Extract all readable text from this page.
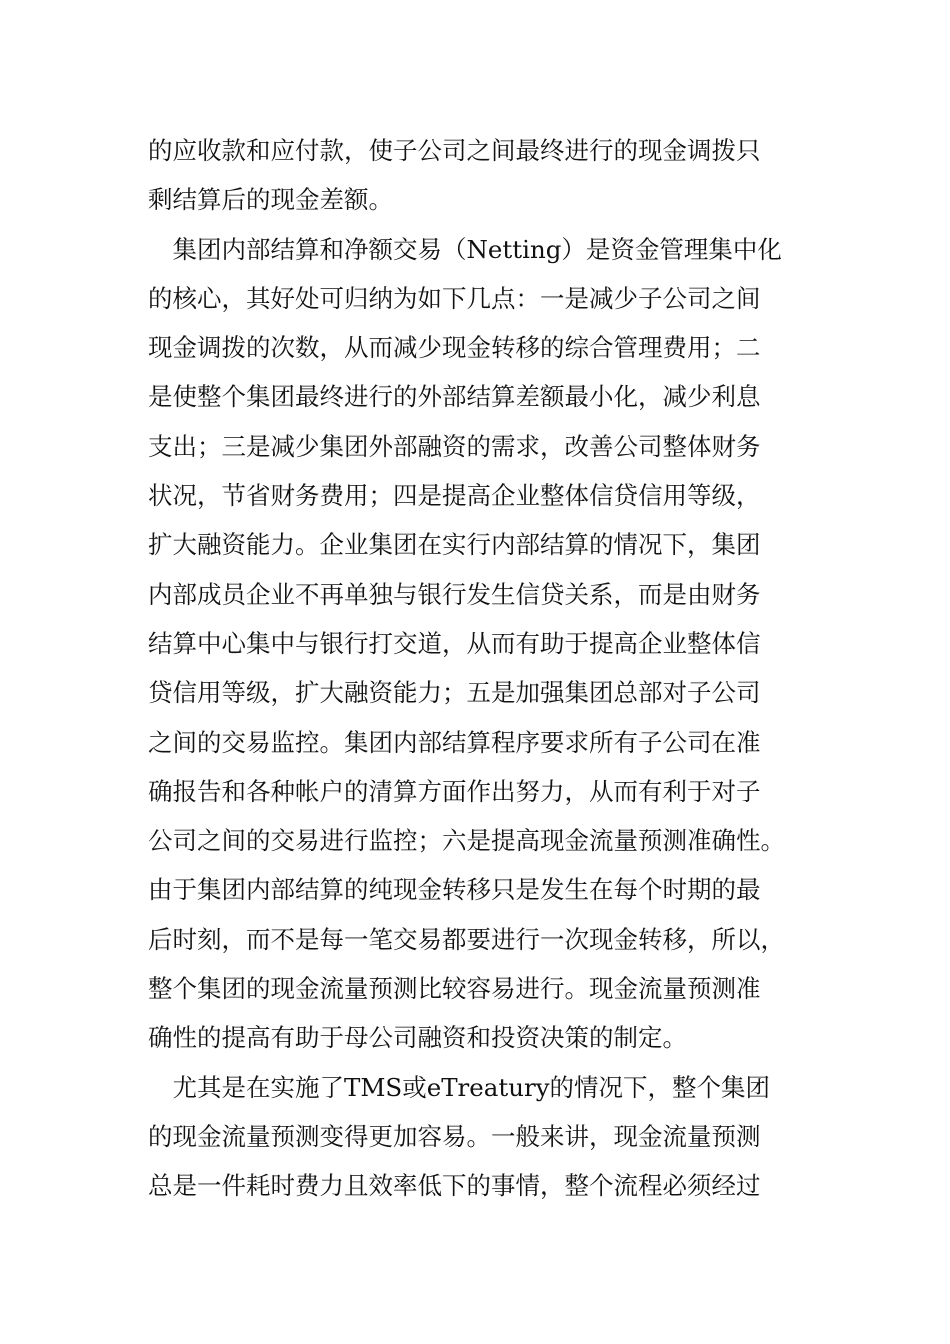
的应收款和应付款，使子公司之间最终进行的现金调拨只
剩结算后的现金差额。
　集团内部结算和净额交易（Netting）是资金管理集中化
的核心，其好处可归纳为如下几点：一是减少子公司之间
现金调拨的次数，从而减少现金转移的综合管理费用；二
是使整个集团最终进行的外部结算差额最小化，减少利息
支出；三是减少集团外部融资的需求，改善公司整体财务
状况，节省财务费用；四是提高企业整体信贷信用等级，
扩大融资能力。企业集团在实行内部结算的情况下，集团
内部成员企业不再单独与银行发生信贷关系，而是由财务
结算中心集中与银行打交道，从而有助于提高企业整体信
贷信用等级，扩大融资能力；五是加强集团总部对子公司
之间的交易监控。集团内部结算程序要求所有子公司在准
确报告和各种帐户的清算方面作出努力，从而有利于对子
公司之间的交易进行监控；六是提高现金流量预测准确性。
由于集团内部结算的纯现金转移只是发生在每个时期的最
后时刻，而不是每一笔交易都要进行一次现金转移，所以，
整个集团的现金流量预测比较容易进行。现金流量预测准
确性的提高有助于母公司融资和投资决策的制定。
　尤其是在实施了TMS或eTreatury的情况下，整个集团
的现金流量预测变得更加容易。一般来讲，现金流量预测
总是一件耗时费力且效率低下的事情，整个流程必须经过
